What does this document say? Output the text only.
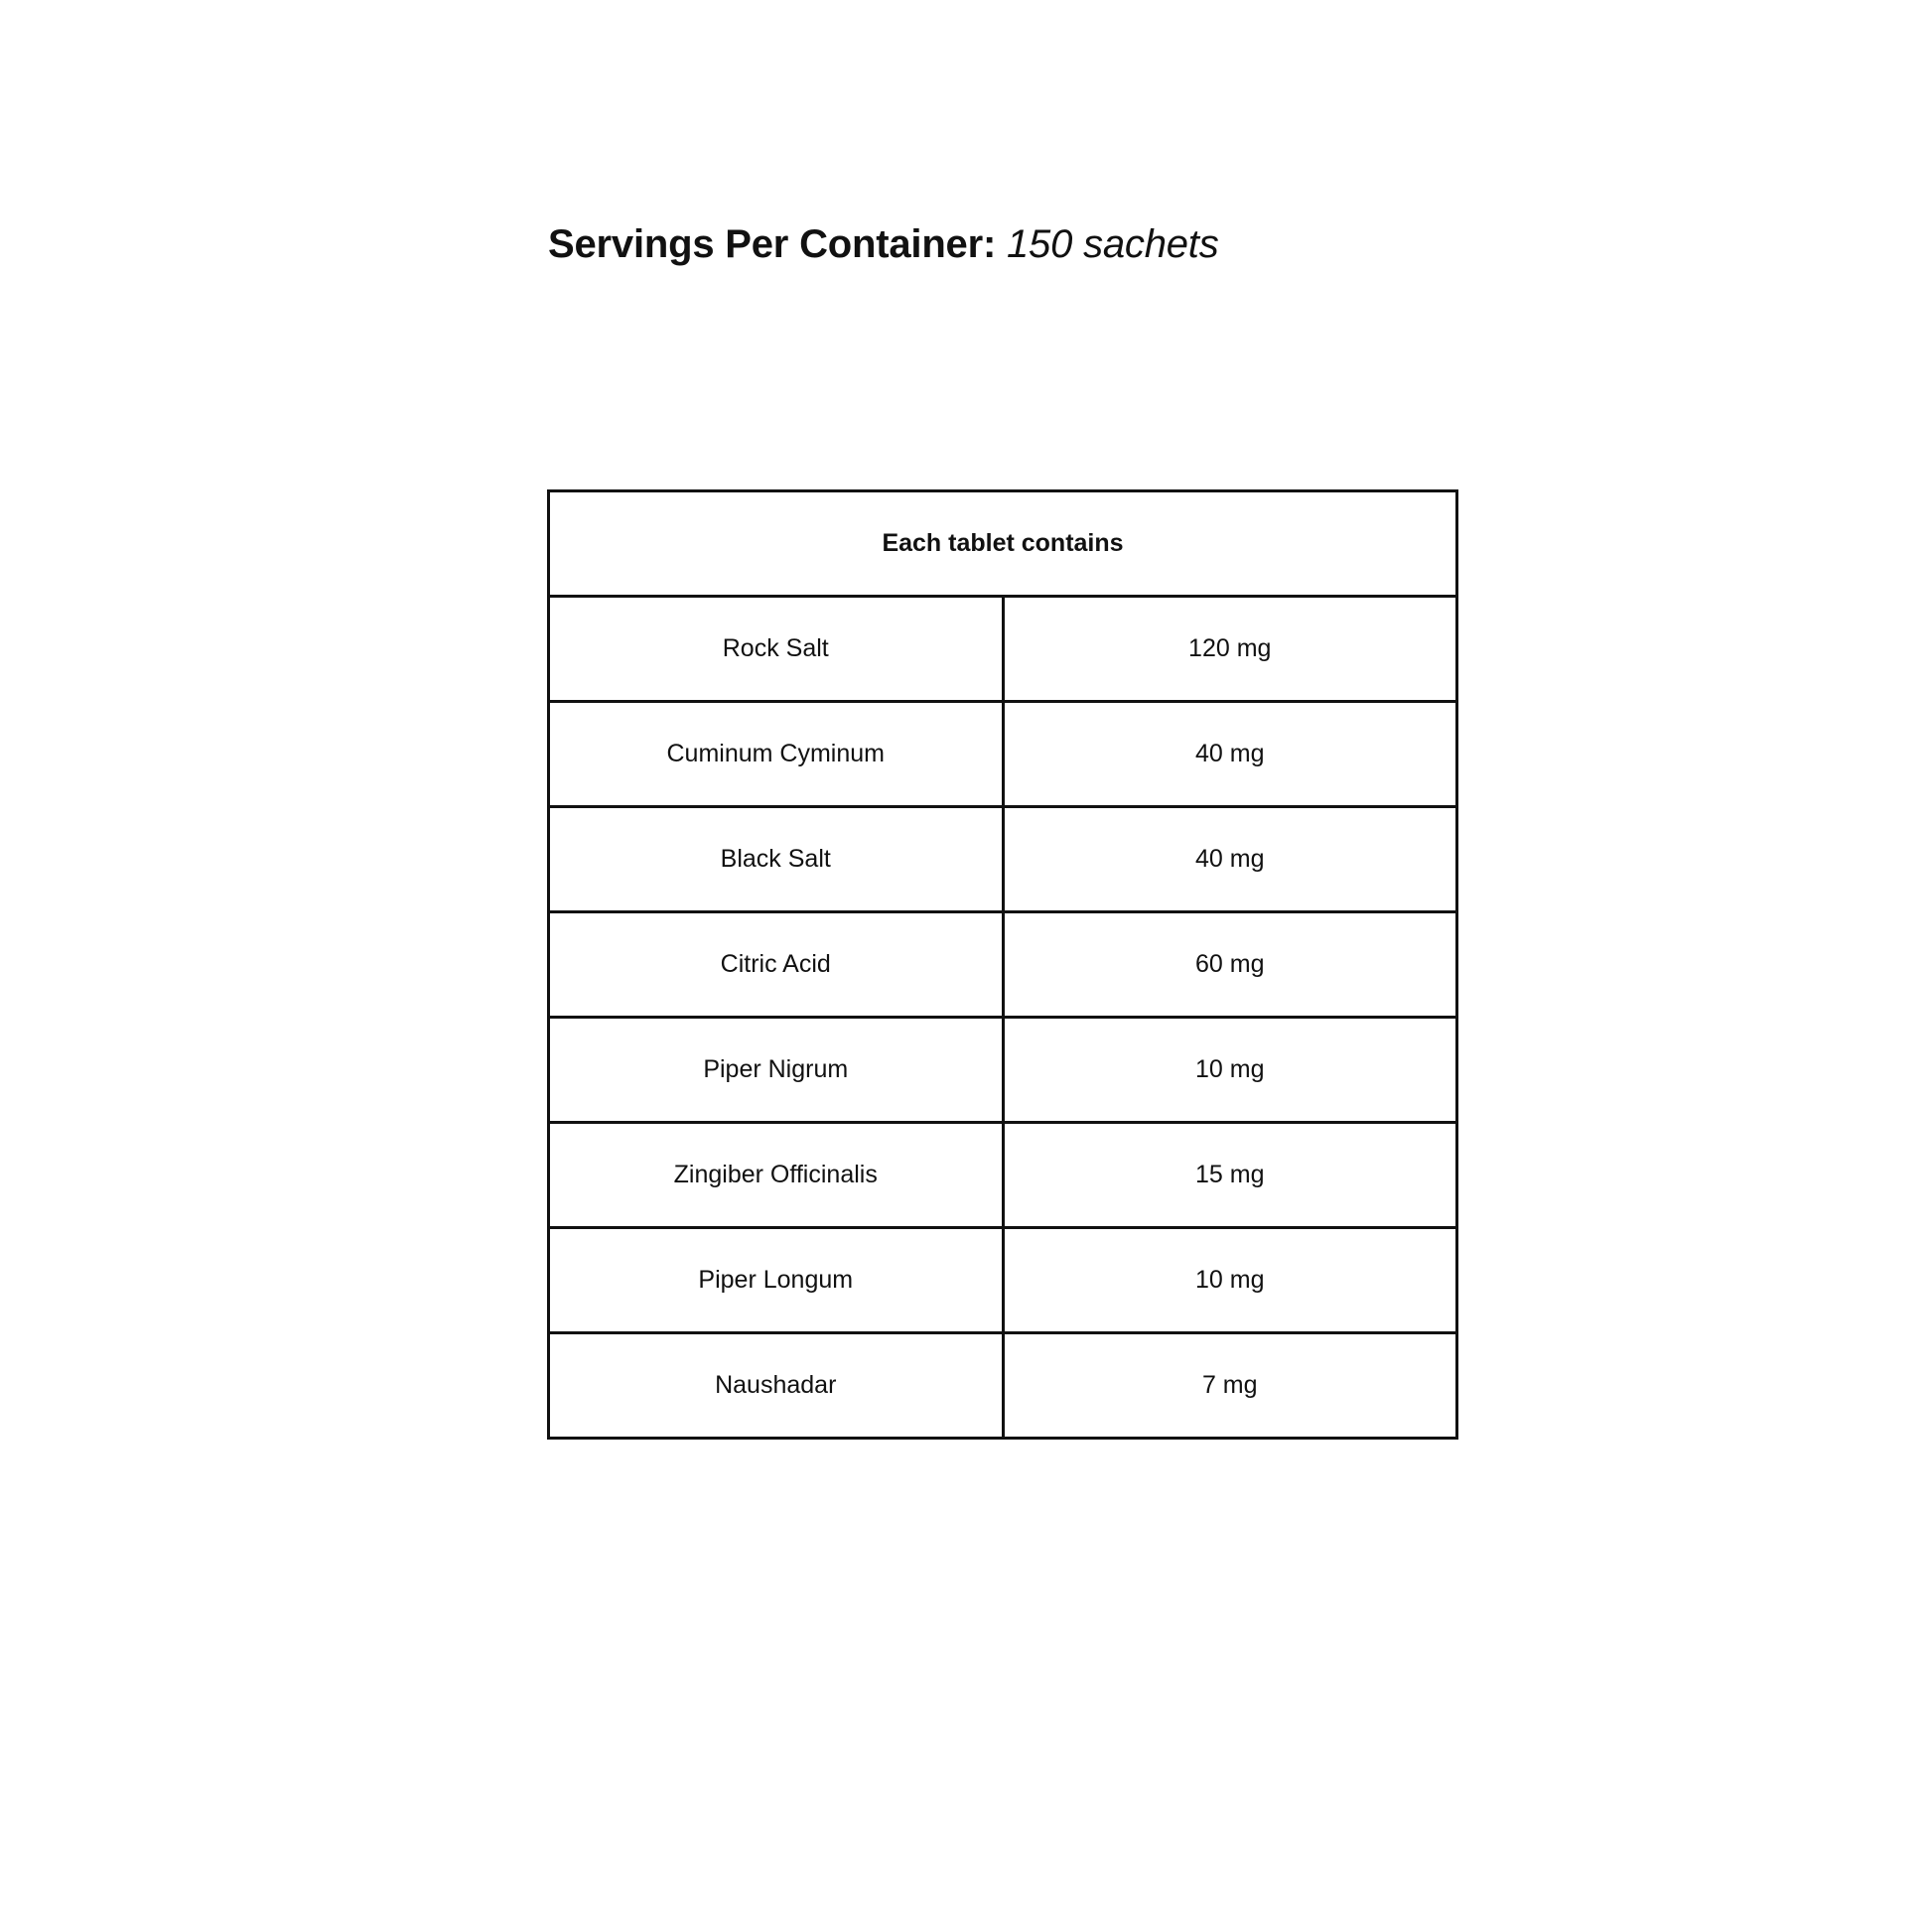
Servings Per Container: 150 sachets
Each tablet contains	
Rock Salt	120 mg
Cuminum Cyminum	40 mg
Black Salt	40 mg
Citric Acid	60 mg
Piper Nigrum	10 mg
Zingiber Officinalis	15 mg
Piper Longum	10 mg
Naushadar	7 mg
